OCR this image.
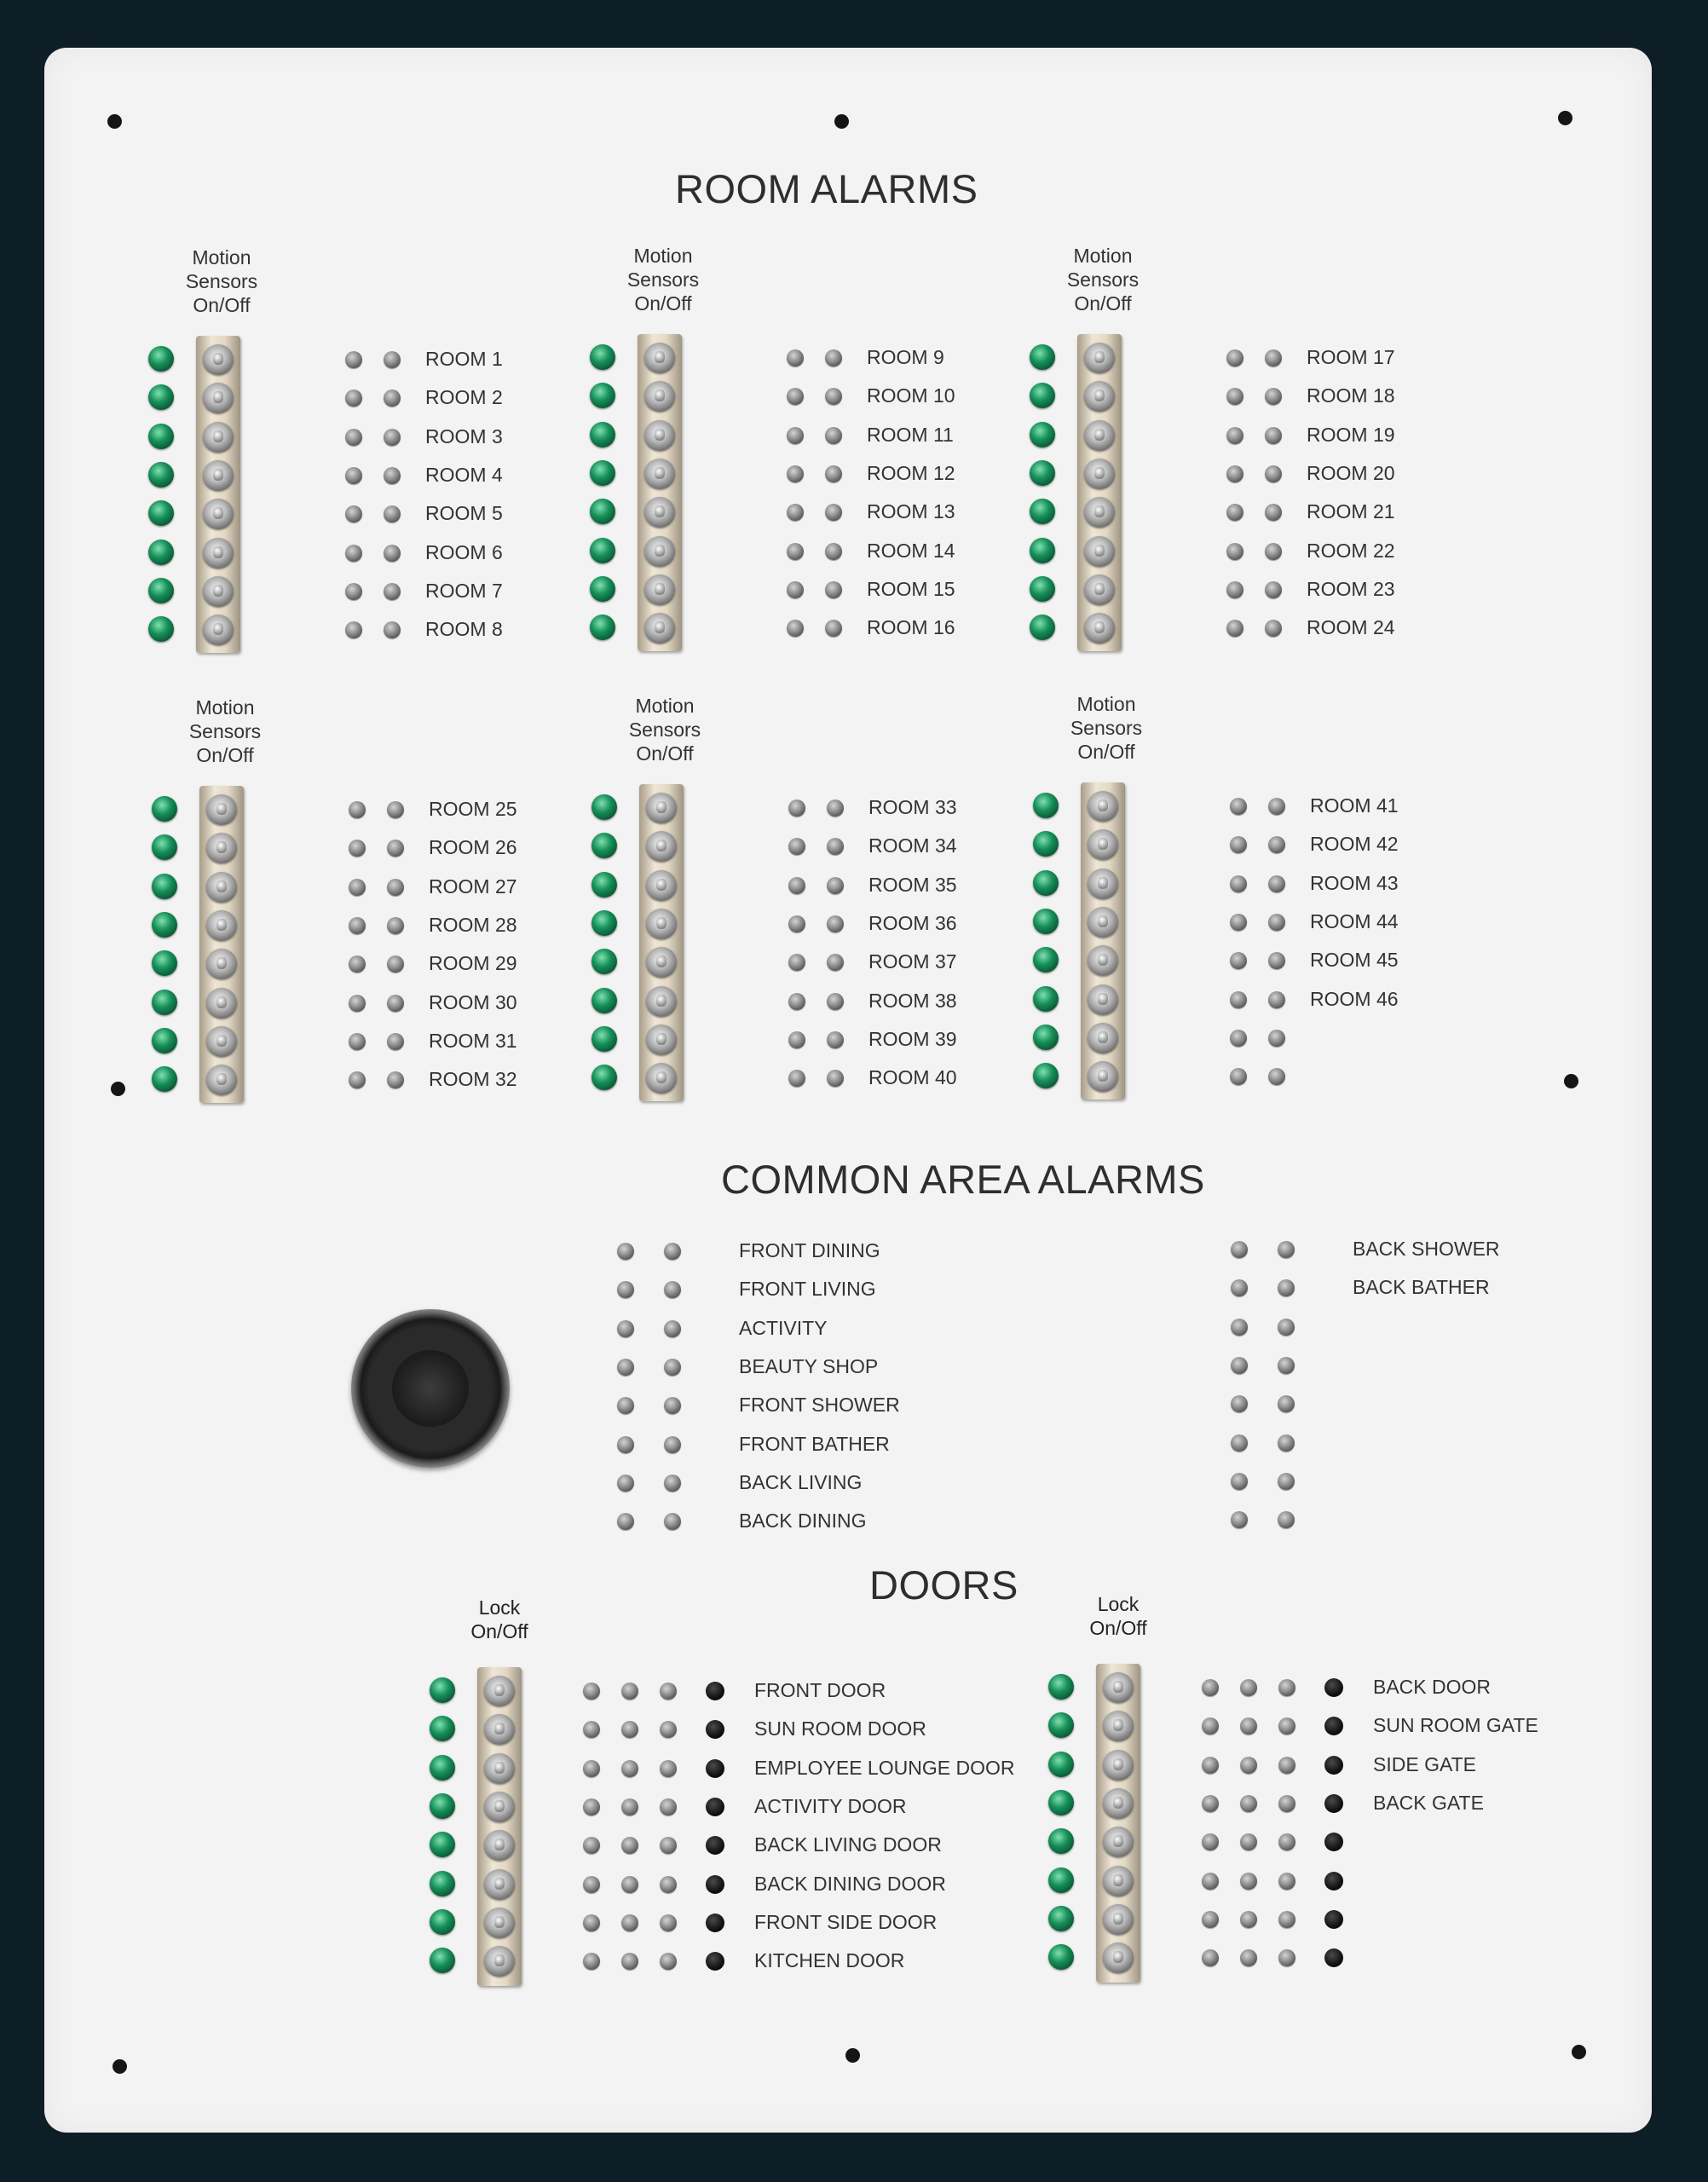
ROOM ALARMS
COMMON AREA ALARMS
DOORS
Motion
Sensors
On/Off
ROOM 1
ROOM 2
ROOM 3
ROOM 4
ROOM 5
ROOM 6
ROOM 7
ROOM 8
Motion
Sensors
On/Off
ROOM 9
ROOM 10
ROOM 11
ROOM 12
ROOM 13
ROOM 14
ROOM 15
ROOM 16
Motion
Sensors
On/Off
ROOM 17
ROOM 18
ROOM 19
ROOM 20
ROOM 21
ROOM 22
ROOM 23
ROOM 24
Motion
Sensors
On/Off
ROOM 25
ROOM 26
ROOM 27
ROOM 28
ROOM 29
ROOM 30
ROOM 31
ROOM 32
Motion
Sensors
On/Off
ROOM 33
ROOM 34
ROOM 35
ROOM 36
ROOM 37
ROOM 38
ROOM 39
ROOM 40
Motion
Sensors
On/Off
ROOM 41
ROOM 42
ROOM 43
ROOM 44
ROOM 45
ROOM 46
FRONT DINING
FRONT LIVING
ACTIVITY
BEAUTY SHOP
FRONT SHOWER
FRONT BATHER
BACK LIVING
BACK DINING
BACK SHOWER
BACK BATHER
Lock
On/Off
FRONT DOOR
SUN ROOM DOOR
EMPLOYEE LOUNGE DOOR
ACTIVITY DOOR
BACK LIVING DOOR
BACK DINING DOOR
FRONT SIDE DOOR
KITCHEN DOOR
Lock
On/Off
BACK DOOR
SUN ROOM GATE
SIDE GATE
BACK GATE
